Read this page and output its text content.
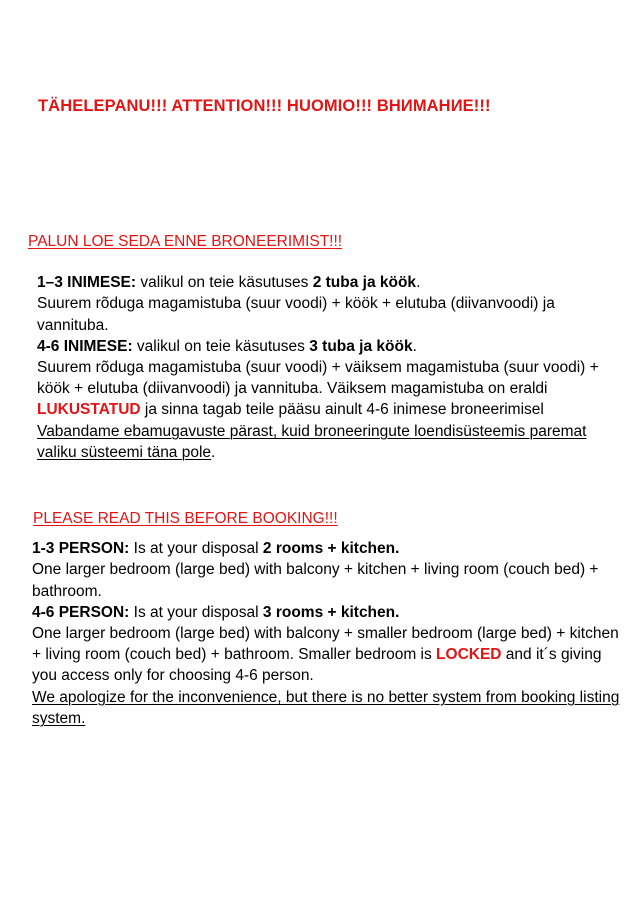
TÄHELEPANU!!! ATTENTION!!! HUOMIO!!! ВНИМАНИЕ!!!
PALUN LOE SEDA ENNE BRONEERIMIST!!!

1–3 INIMESE: valikul on teie käsutuses 2 tuba ja köök.

Suurem rõduga magamistuba (suur voodi) + köök + elutuba (diivanvoodi) ja vannituba.

4-6 INIMESE: valikul on teie käsutuses 3 tuba ja köök.

Suurem rõduga magamistuba (suur voodi) + väiksem magamistuba (suur voodi) + köök + elutuba (diivanvoodi) ja vannituba. Väiksem magamistuba on eraldi LUKUSTATUD ja sinna tagab teile pääsu ainult 4-6 inimese broneerimisel

Vabandame ebamugavuste pärast, kuid broneeringute loendisüsteemis paremat valiku süsteemi täna pole.

PLEASE READ THIS BEFORE BOOKING!!!

1-3 PERSON: Is at your disposal 2 rooms + kitchen.

One larger bedroom (large bed) with balcony + kitchen + living room (couch bed) + bathroom.

4-6 PERSON: Is at your disposal 3 rooms + kitchen.

One larger bedroom (large bed) with balcony + smaller bedroom (large bed) + kitchen + living room (couch bed) + bathroom. Smaller bedroom is LOCKED and it´s giving you access only for choosing 4-6 person.

We apologize for the inconvenience, but there is no better system from booking listing system.
